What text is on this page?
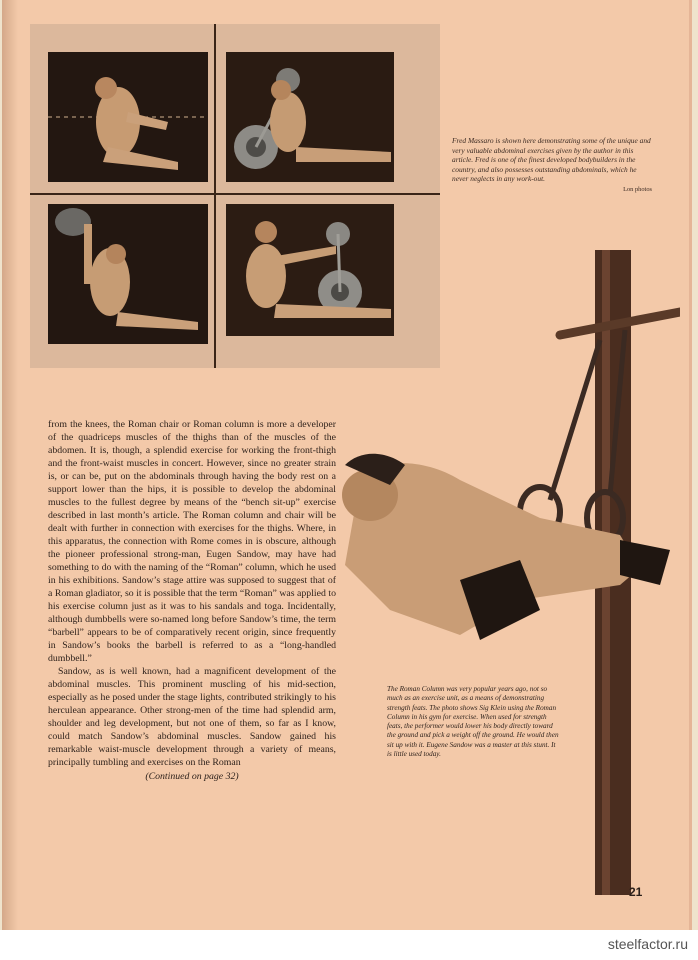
Fred Massaro is shown here demonstrating some of the unique and very valuable abdominal exercises given by the author in this article. Fred is one of the finest developed bodybuilders in the country, and also possesses outstanding abdominals, which he never neglects in any work-out.
Lon photos

from the knees, the Roman chair or Roman column is more a developer of the quadriceps muscles of the thighs than of the muscles of the abdomen. It is, though, a splendid exercise for working the front-thigh and the front-waist muscles in concert. However, since no greater strain is, or can be, put on the abdominals through having the body rest on a support lower than the hips, it is possible to develop the abdominal muscles to the fullest degree by means of the “bench sit-up” exercise described in last month’s article. The Roman column and chair will be dealt with further in connection with exercises for the thighs. Where, in this apparatus, the connection with Rome comes in is obscure, although the pioneer professional strong-man, Eugen Sandow, may have had something to do with the naming of the “Roman” column, which he used in his exhibitions. Sandow’s stage attire was supposed to suggest that of a Roman gladiator, so it is possible that the term “Roman” was applied to his exercise column just as it was to his sandals and toga. Incidentally, although dumbbells were so-named long before Sandow’s time, the term “barbell” appears to be of comparatively recent origin, since frequently in Sandow’s books the barbell is referred to as a “long-handled dumbbell.”

Sandow, as is well known, had a magnificent development of the abdominal muscles. This prominent muscling of his mid-section, especially as he posed under the stage lights, contributed strikingly to his herculean appearance. Other strong-men of the time had splendid arm, shoulder and leg development, but not one of them, so far as I know, could match Sandow’s abdominal muscles. Sandow gained his remarkable waist-muscle development through a variety of means, principally tumbling and exercises on the Roman

(Continued on page 32)
The Roman Column was very popular years ago, not so much as an exercise unit, as a means of demonstrating strength feats. The photo shows Sig Klein using the Roman Column in his gym for exercise. When used for strength feats, the performer would lower his body directly toward the ground and pick a weight off the ground. He would then sit up with it. Eugene Sandow was a master at this stunt. It is little used today.
21
steelfactor.ru
